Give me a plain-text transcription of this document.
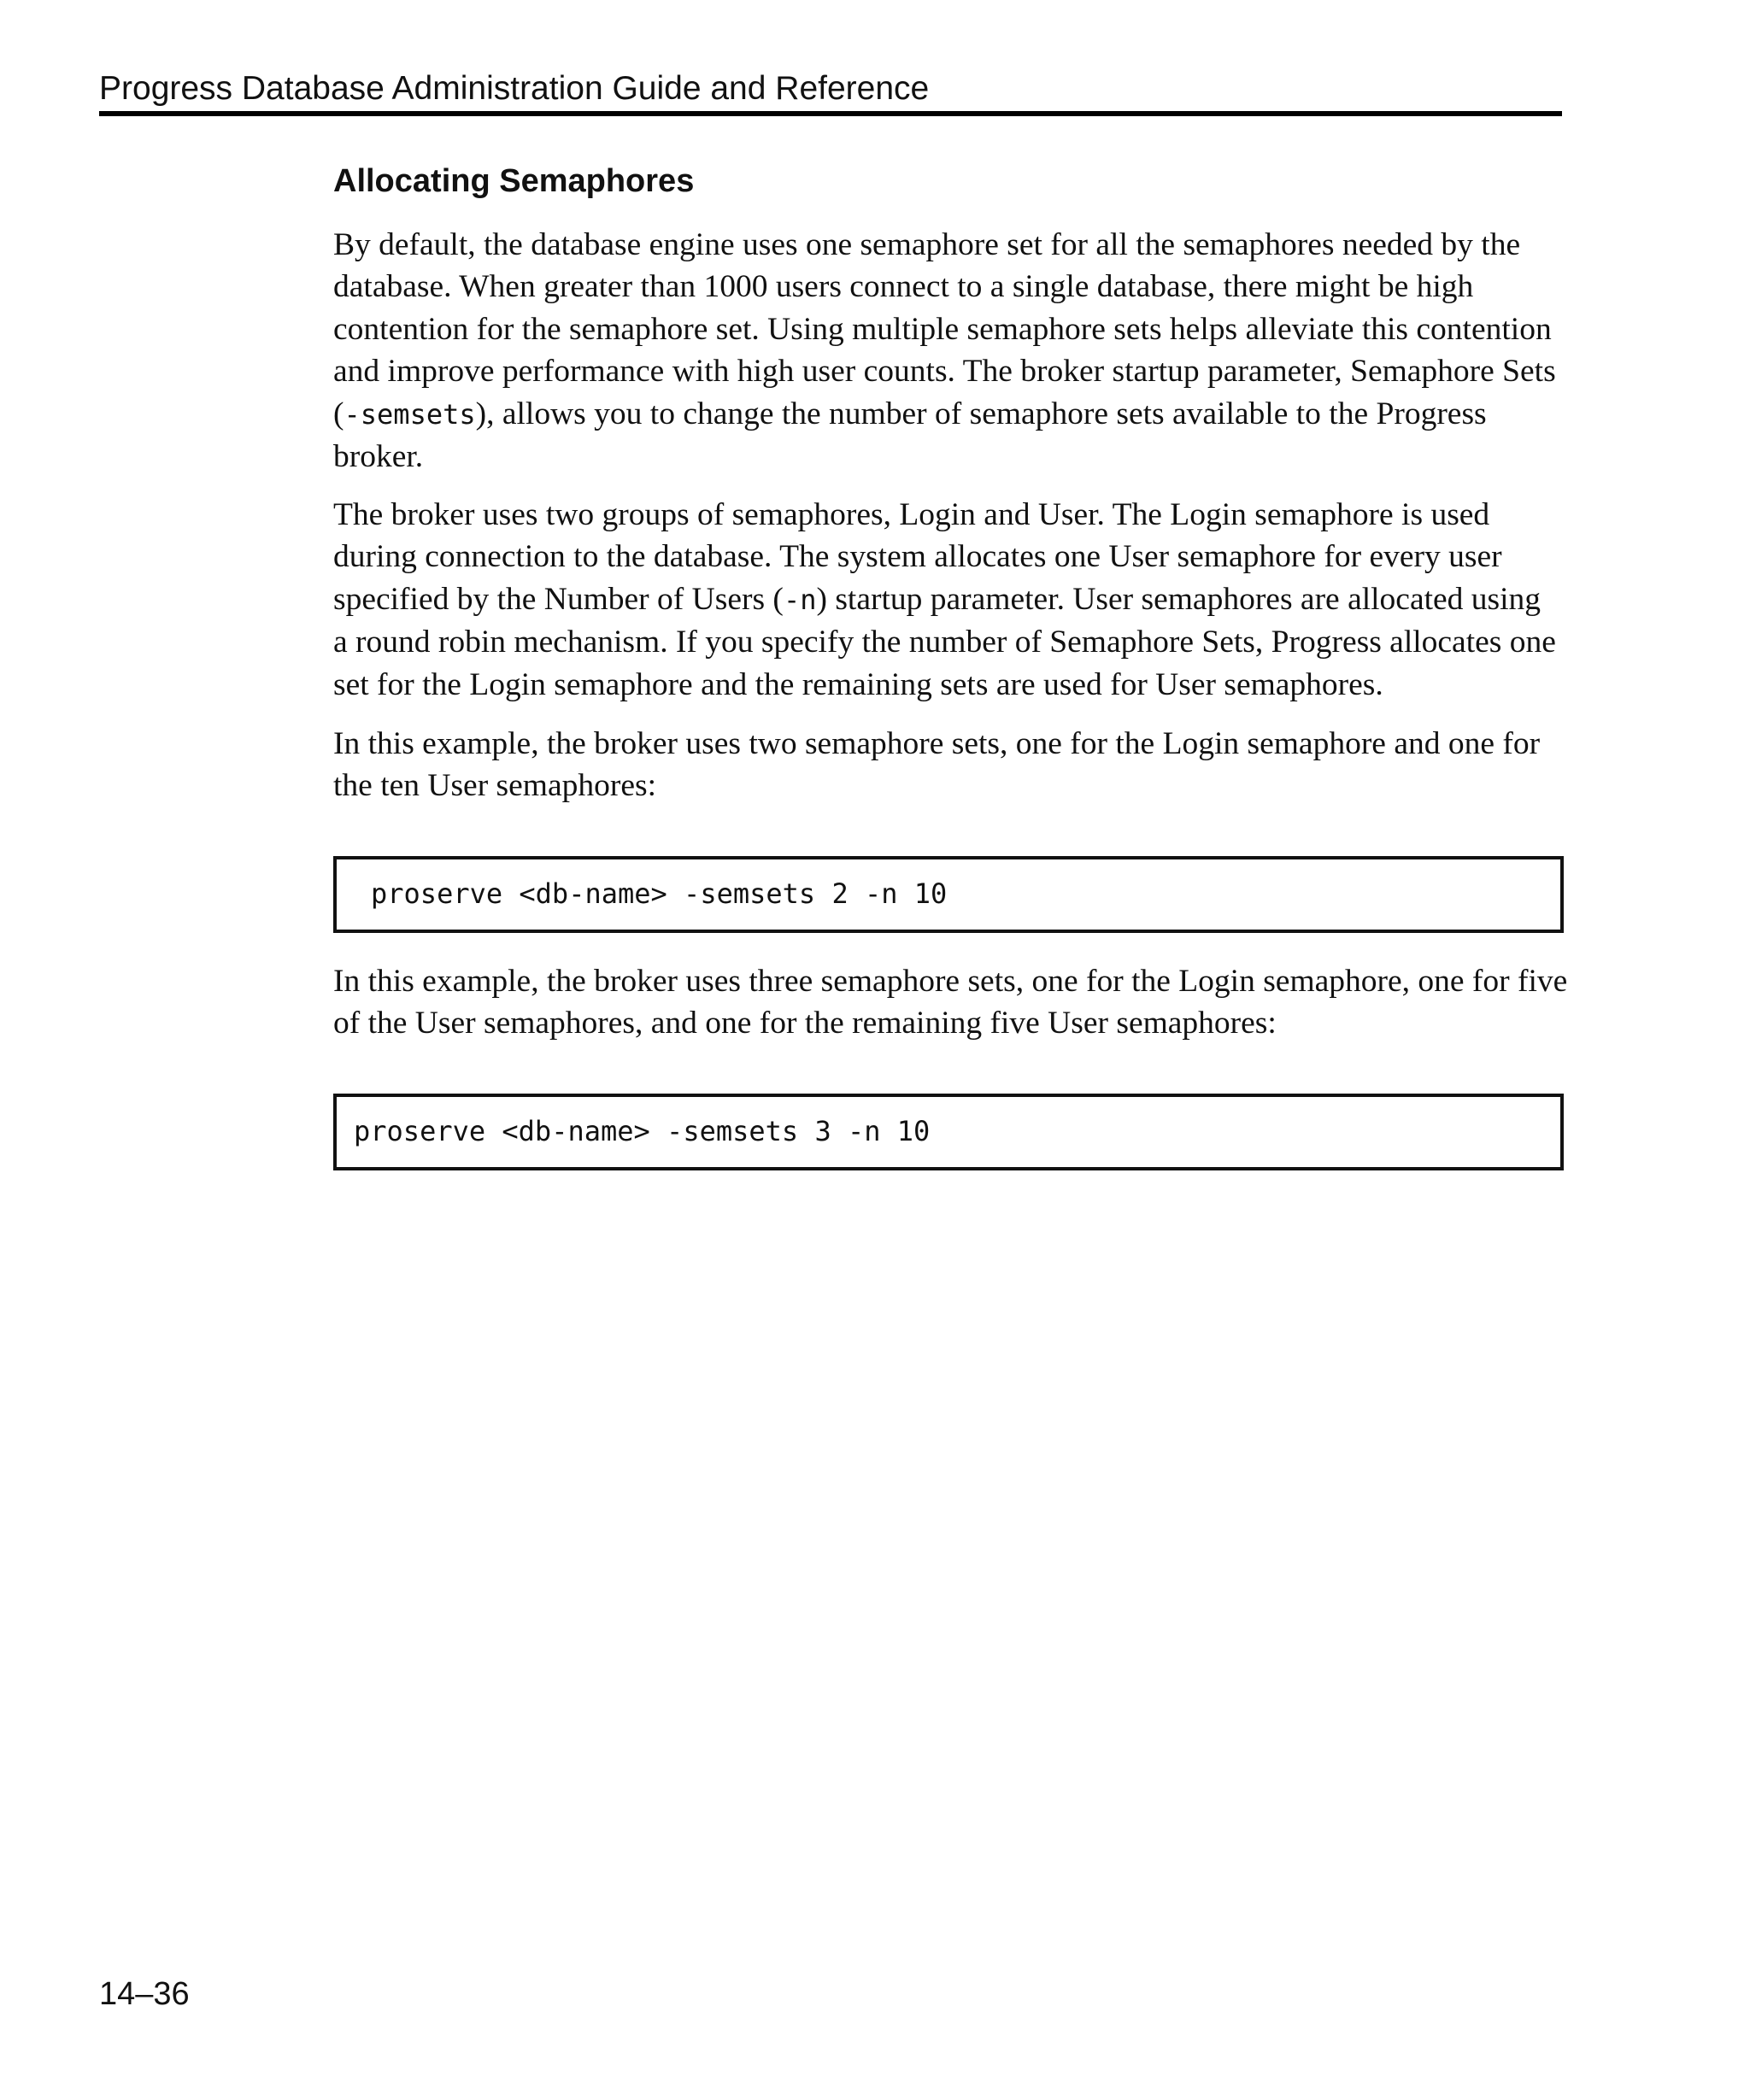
Progress Database Administration Guide and Reference
Allocating Semaphores
By default, the database engine uses one semaphore set for all the semaphores needed by the
database. When greater than 1000 users connect to a single database, there might be high
contention for the semaphore set. Using multiple semaphore sets helps alleviate this contention
and improve performance with high user counts. The broker startup parameter, Semaphore Sets
(-semsets), allows you to change the number of semaphore sets available to the Progress
broker.
The broker uses two groups of semaphores, Login and User. The Login semaphore is used
during connection to the database. The system allocates one User semaphore for every user
specified by the Number of Users (-n) startup parameter. User semaphores are allocated using
a round robin mechanism. If you specify the number of Semaphore Sets, Progress allocates one
set for the Login semaphore and the remaining sets are used for User semaphores.
In this example, the broker uses two semaphore sets, one for the Login semaphore and one for
the ten User semaphores:
proserve <db-name> -semsets 2 -n 10
In this example, the broker uses three semaphore sets, one for the Login semaphore, one for five
of the User semaphores, and one for the remaining five User semaphores:
proserve <db-name> -semsets 3 -n 10
14–36
